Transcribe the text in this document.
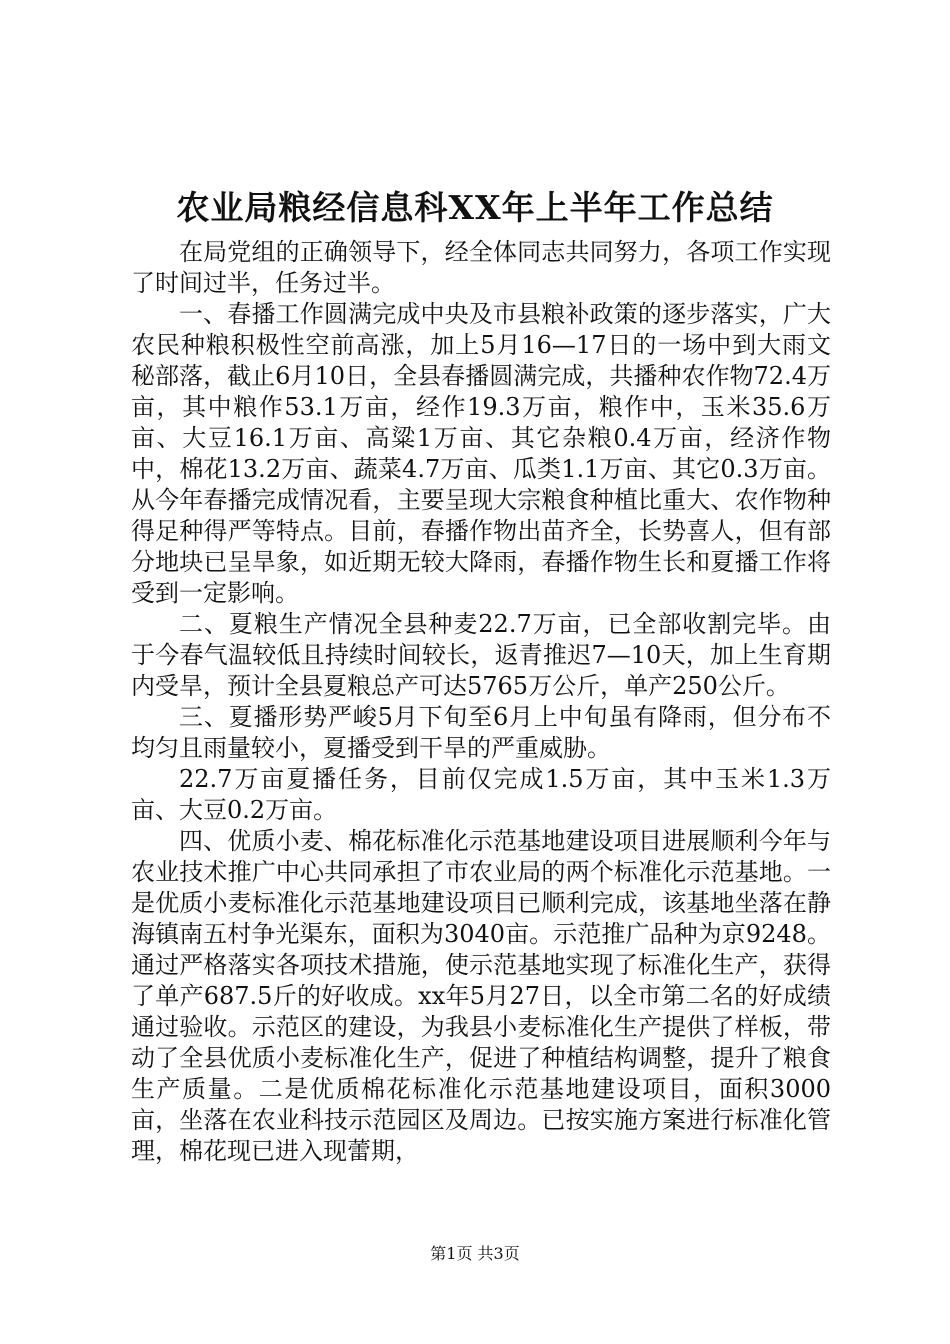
农业局粮经信息科XX年上半年工作总结

在局党组的正确领导下，经全体同志共同努力，各项工作实现了时间过半，任务过半。

一、春播工作圆满完成中央及市县粮补政策的逐步落实，广大农民种粮积极性空前高涨，加上5月16—17日的一场中到大雨文秘部落，截止6月10日，全县春播圆满完成，共播种农作物72.4万亩，其中粮作53.1万亩，经作19.3万亩，粮作中，玉米35.6万亩、大豆16.1万亩、高粱1万亩、其它杂粮0.4万亩，经济作物中，棉花13.2万亩、蔬菜4.7万亩、瓜类1.1万亩、其它0.3万亩。从今年春播完成情况看，主要呈现大宗粮食种植比重大、农作物种得足种得严等特点。目前，春播作物出苗齐全，长势喜人，但有部分地块已呈旱象，如近期无较大降雨，春播作物生长和夏播工作将受到一定影响。

二、夏粮生产情况全县种麦22.7万亩，已全部收割完毕。由于今春气温较低且持续时间较长，返青推迟7—10天，加上生育期内受旱，预计全县夏粮总产可达5765万公斤，单产250公斤。

三、夏播形势严峻5月下旬至6月上中旬虽有降雨，但分布不均匀且雨量较小，夏播受到干旱的严重威胁。

22.7万亩夏播任务，目前仅完成1.5万亩，其中玉米1.3万亩、大豆0.2万亩。

四、优质小麦、棉花标准化示范基地建设项目进展顺利今年与农业技术推广中心共同承担了市农业局的两个标准化示范基地。一是优质小麦标准化示范基地建设项目已顺利完成，该基地坐落在静海镇南五村争光渠东，面积为3040亩。示范推广品种为京9248。通过严格落实各项技术措施，使示范基地实现了标准化生产，获得了单产687.5斤的好收成。xx年5月27日，以全市第二名的好成绩通过验收。示范区的建设，为我县小麦标准化生产提供了样板，带动了全县优质小麦标准化生产，促进了种植结构调整，提升了粮食生产质量。二是优质棉花标准化示范基地建设项目，面积3000亩，坐落在农业科技示范园区及周边。已按实施方案进行标准化管理，棉花现已进入现蕾期，

第1页 共3页
